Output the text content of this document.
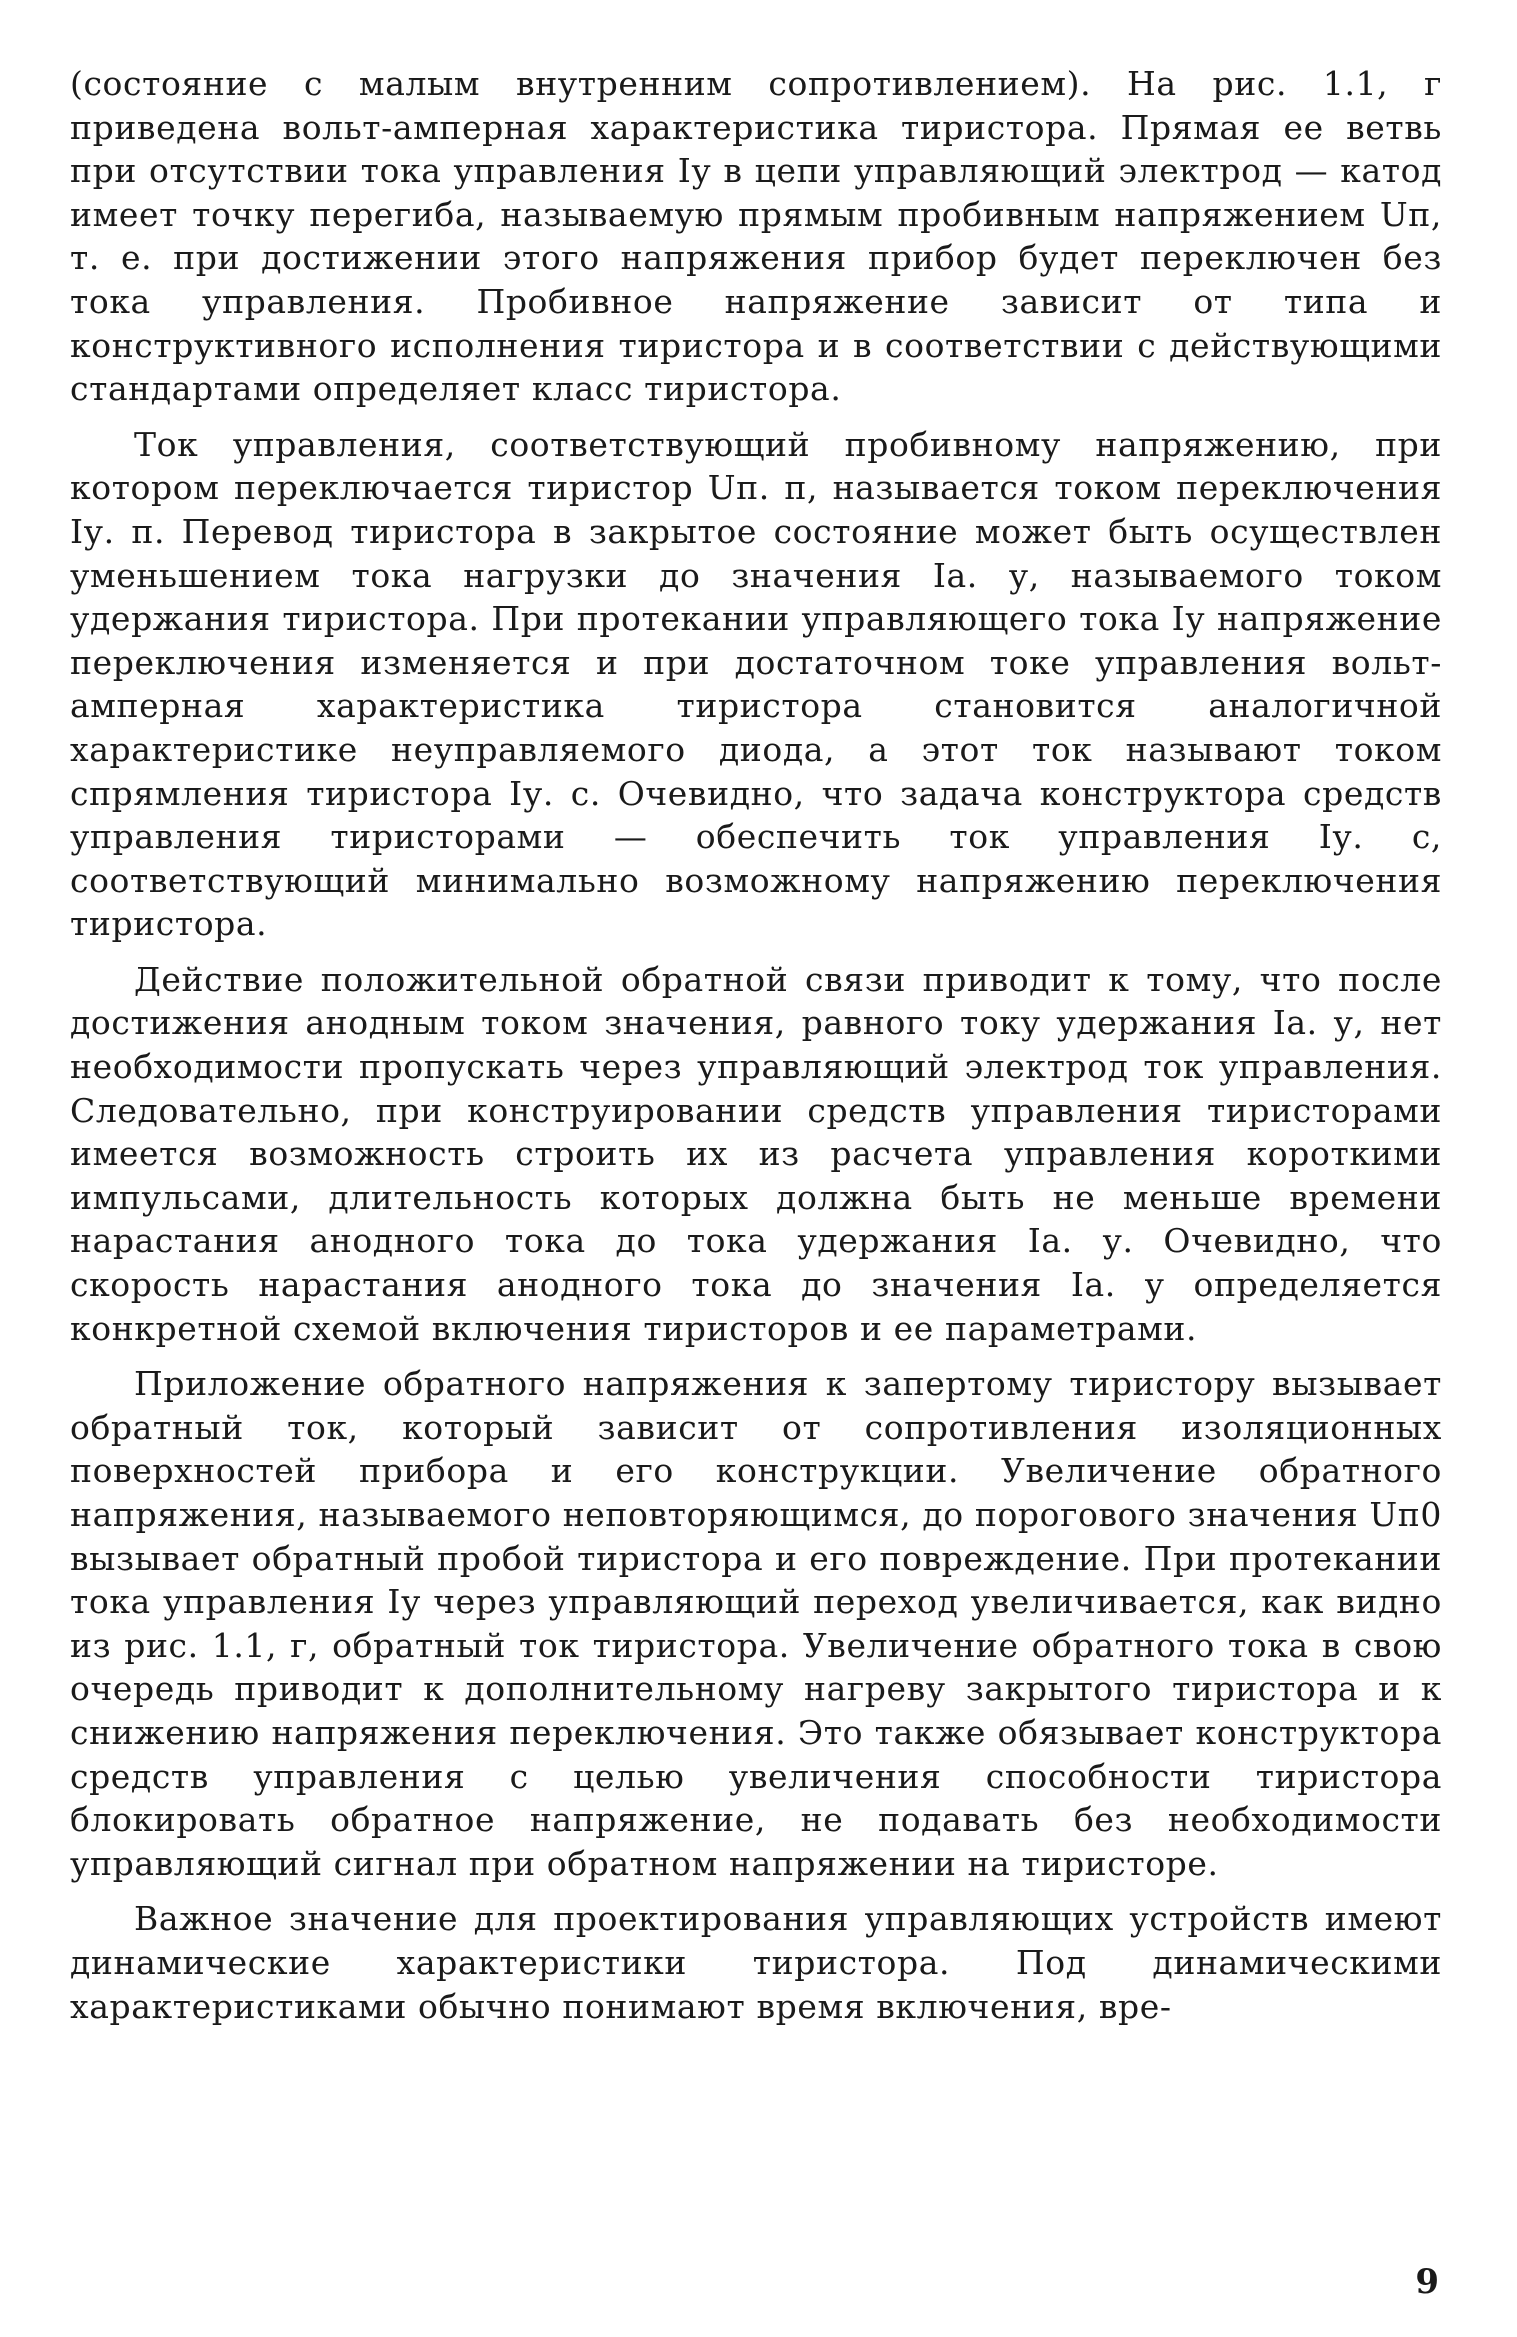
(состояние с малым внутренним сопротивлением). На рис. 1.1, г приведена вольт-амперная характеристика тиристора. Прямая ее ветвь при отсутствии тока управления Iу в цепи управляющий электрод — катод имеет точку перегиба, называемую прямым пробивным напряжением Uп, т. е. при достижении этого напряжения прибор будет переключен без тока управления. Пробивное напряжение зависит от типа и конструктивного исполнения тиристора и в соответствии с действующими стандартами определяет класс тиристора.

Ток управления, соответствующий пробивному напряжению, при котором переключается тиристор Uп. п, называется током переключения Iу. п. Перевод тиристора в закрытое состояние может быть осуществлен уменьшением тока нагрузки до значения Iа. у, называемого током удержания тиристора. При протекании управляющего тока Iу напряжение переключения изменяется и при достаточном токе управления вольт-амперная характеристика тиристора становится аналогичной характеристике неуправляемого диода, а этот ток называют током спрямления тиристора Iу. с. Очевидно, что задача конструктора средств управления тиристорами — обеспечить ток управления Iу. с, соответствующий минимально возможному напряжению переключения тиристора.

Действие положительной обратной связи приводит к тому, что после достижения анодным током значения, равного току удержания Iа. у, нет необходимости пропускать через управляющий электрод ток управления. Следовательно, при конструировании средств управления тиристорами имеется возможность строить их из расчета управления короткими импульсами, длительность которых должна быть не меньше времени нарастания анодного тока до тока удержания Iа. у. Очевидно, что скорость нарастания анодного тока до значения Iа. у определяется конкретной схемой включения тиристоров и ее параметрами.

Приложение обратного напряжения к запертому тиристору вызывает обратный ток, который зависит от сопротивления изоляционных поверхностей прибора и его конструкции. Увеличение обратного напряжения, называемого неповторяющимся, до порогового значения Uп0 вызывает обратный пробой тиристора и его повреждение. При протекании тока управления Iу через управляющий переход увеличивается, как видно из рис. 1.1, г, обратный ток тиристора. Увеличение обратного тока в свою очередь приводит к дополнительному нагреву закрытого тиристора и к снижению напряжения переключения. Это также обязывает конструктора средств управления с целью увеличения способности тиристора блокировать обратное напряжение, не подавать без необходимости управляющий сигнал при обратном напряжении на тиристоре.

Важное значение для проектирования управляющих устройств имеют динамические характеристики тиристора. Под динамическими характеристиками обычно понимают время включения, вре-

9
